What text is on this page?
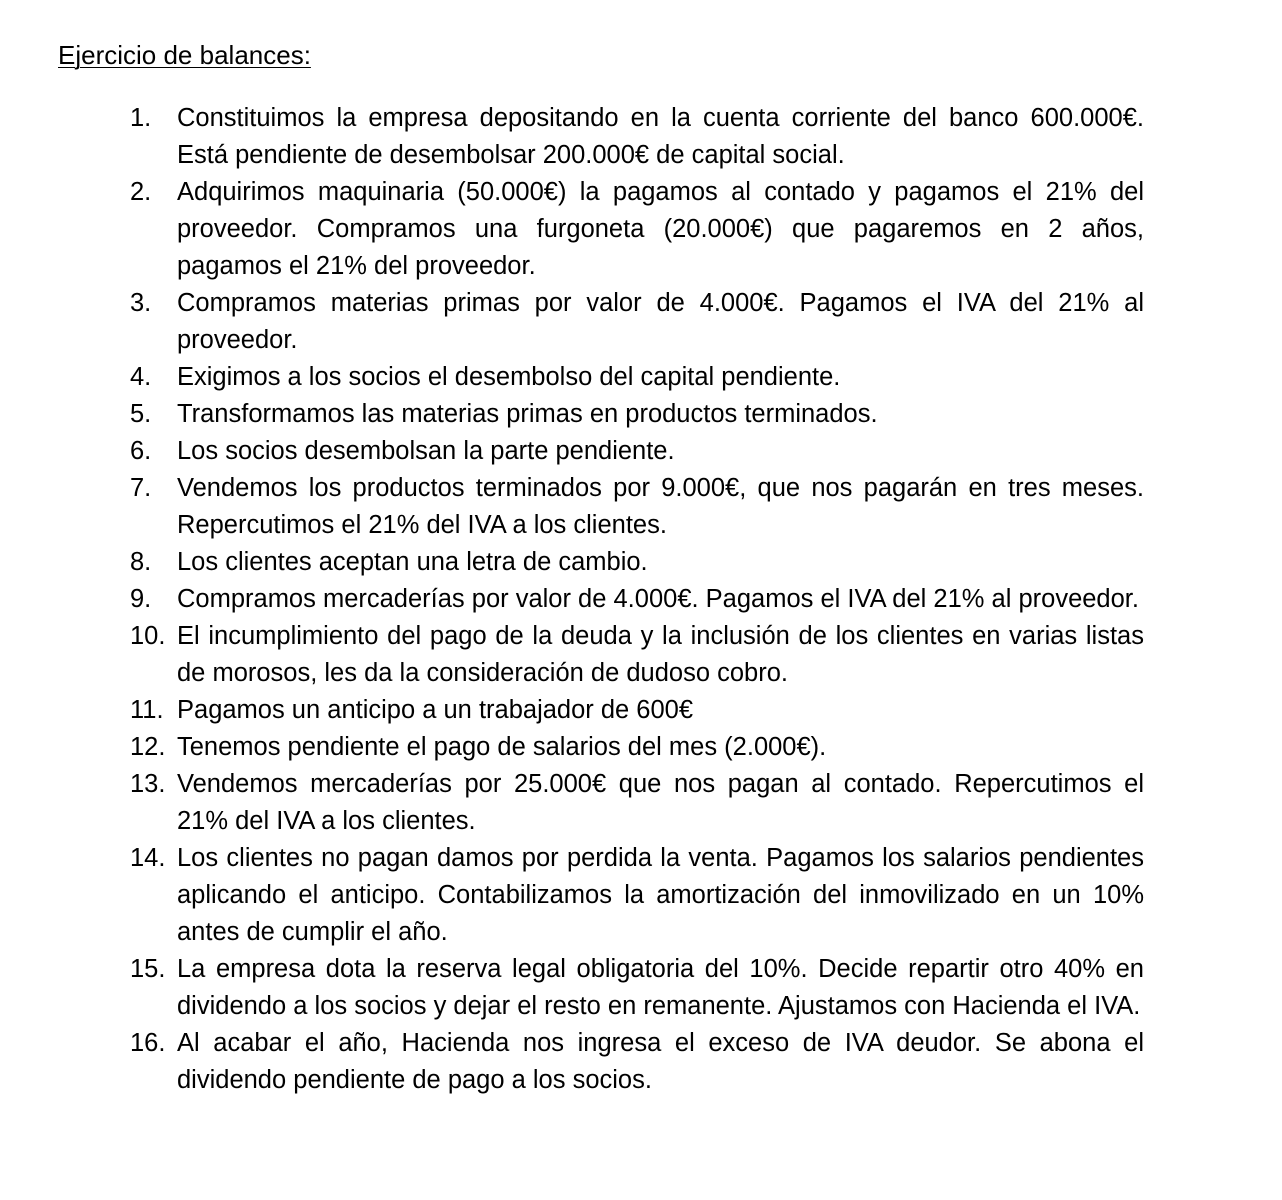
Ejercicio de balances:
1.	Constituimos la empresa depositando en la cuenta corriente del banco 600.000€. Está pendiente de desembolsar 200.000€ de capital social.
2.	Adquirimos maquinaria (50.000€) la pagamos al contado y pagamos el 21% del proveedor. Compramos una furgoneta (20.000€) que pagaremos en 2 años, pagamos el 21% del proveedor.
3.	Compramos materias primas por valor de 4.000€. Pagamos el IVA del 21% al proveedor.
4.	Exigimos a los socios el desembolso del capital pendiente.
5.	Transformamos las materias primas en productos terminados.
6.	Los socios desembolsan la parte pendiente.
7.	Vendemos los productos terminados por 9.000€, que nos pagarán en tres meses. Repercutimos el 21% del IVA a los clientes.
8.	Los clientes aceptan una letra de cambio.
9.	Compramos mercaderías por valor de 4.000€. Pagamos el IVA del 21% al proveedor.
10. El incumplimiento del pago de la deuda y la inclusión de los clientes en varias listas de morosos, les da la consideración de dudoso cobro.
11. Pagamos un anticipo a un trabajador de 600€
12. Tenemos pendiente el pago de salarios del mes (2.000€).
13. Vendemos mercaderías por 25.000€ que nos pagan al contado. Repercutimos el 21% del IVA a los clientes.
14. Los clientes no pagan damos por perdida la venta. Pagamos los salarios pendientes aplicando el anticipo. Contabilizamos la amortización del inmovilizado en un 10% antes de cumplir el año.
15. La empresa dota la reserva legal obligatoria del 10%. Decide repartir otro 40% en dividendo a los socios y dejar el resto en remanente. Ajustamos con Hacienda el IVA.
16. Al acabar el año, Hacienda nos ingresa el exceso de IVA deudor. Se abona el dividendo pendiente de pago a los socios.
